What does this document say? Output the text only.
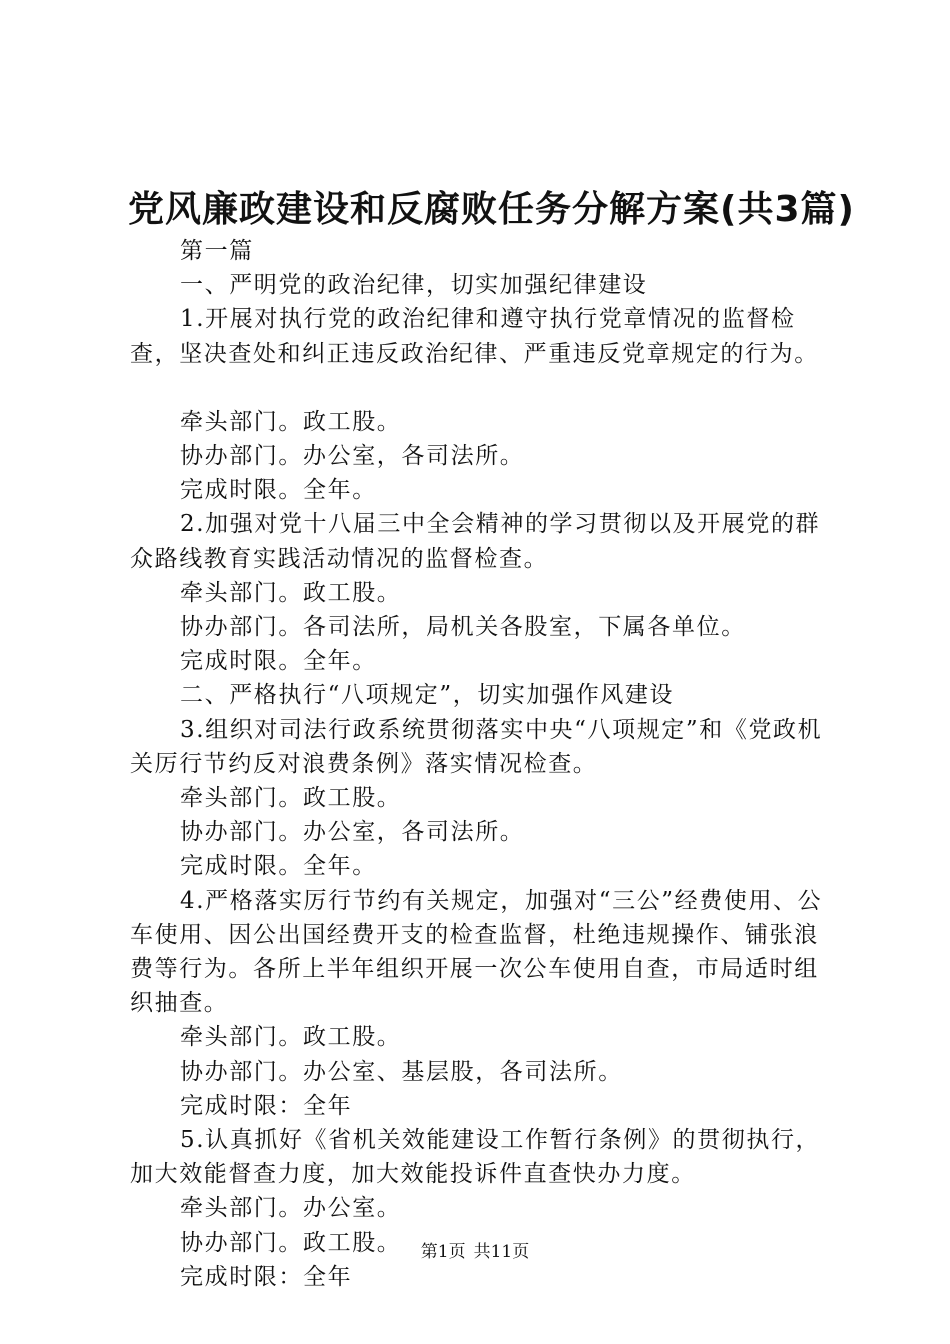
党风廉政建设和反腐败任务分解方案(共3篇)

第一篇

一、严明党的政治纪律，切实加强纪律建设

1.开展对执行党的政治纪律和遵守执行党章情况的监督检查，坚决查处和纠正违反政治纪律、严重违反党章规定的行为。

牵头部门。政工股。

协办部门。办公室，各司法所。

完成时限。全年。

2.加强对党十八届三中全会精神的学习贯彻以及开展党的群众路线教育实践活动情况的监督检查。

牵头部门。政工股。

协办部门。各司法所，局机关各股室，下属各单位。

完成时限。全年。

二、严格执行“八项规定”，切实加强作风建设

3.组织对司法行政系统贯彻落实中央“八项规定”和《党政机关厉行节约反对浪费条例》落实情况检查。

牵头部门。政工股。

协办部门。办公室，各司法所。

完成时限。全年。

4.严格落实厉行节约有关规定，加强对“三公”经费使用、公车使用、因公出国经费开支的检查监督，杜绝违规操作、铺张浪费等行为。各所上半年组织开展一次公车使用自查，市局适时组织抽查。

牵头部门。政工股。

协办部门。办公室、基层股，各司法所。

完成时限：全年

5.认真抓好《省机关效能建设工作暂行条例》的贯彻执行，加大效能督查力度，加大效能投诉件直查快办力度。

牵头部门。办公室。

协办部门。政工股。

完成时限：全年

第1页 共11页
